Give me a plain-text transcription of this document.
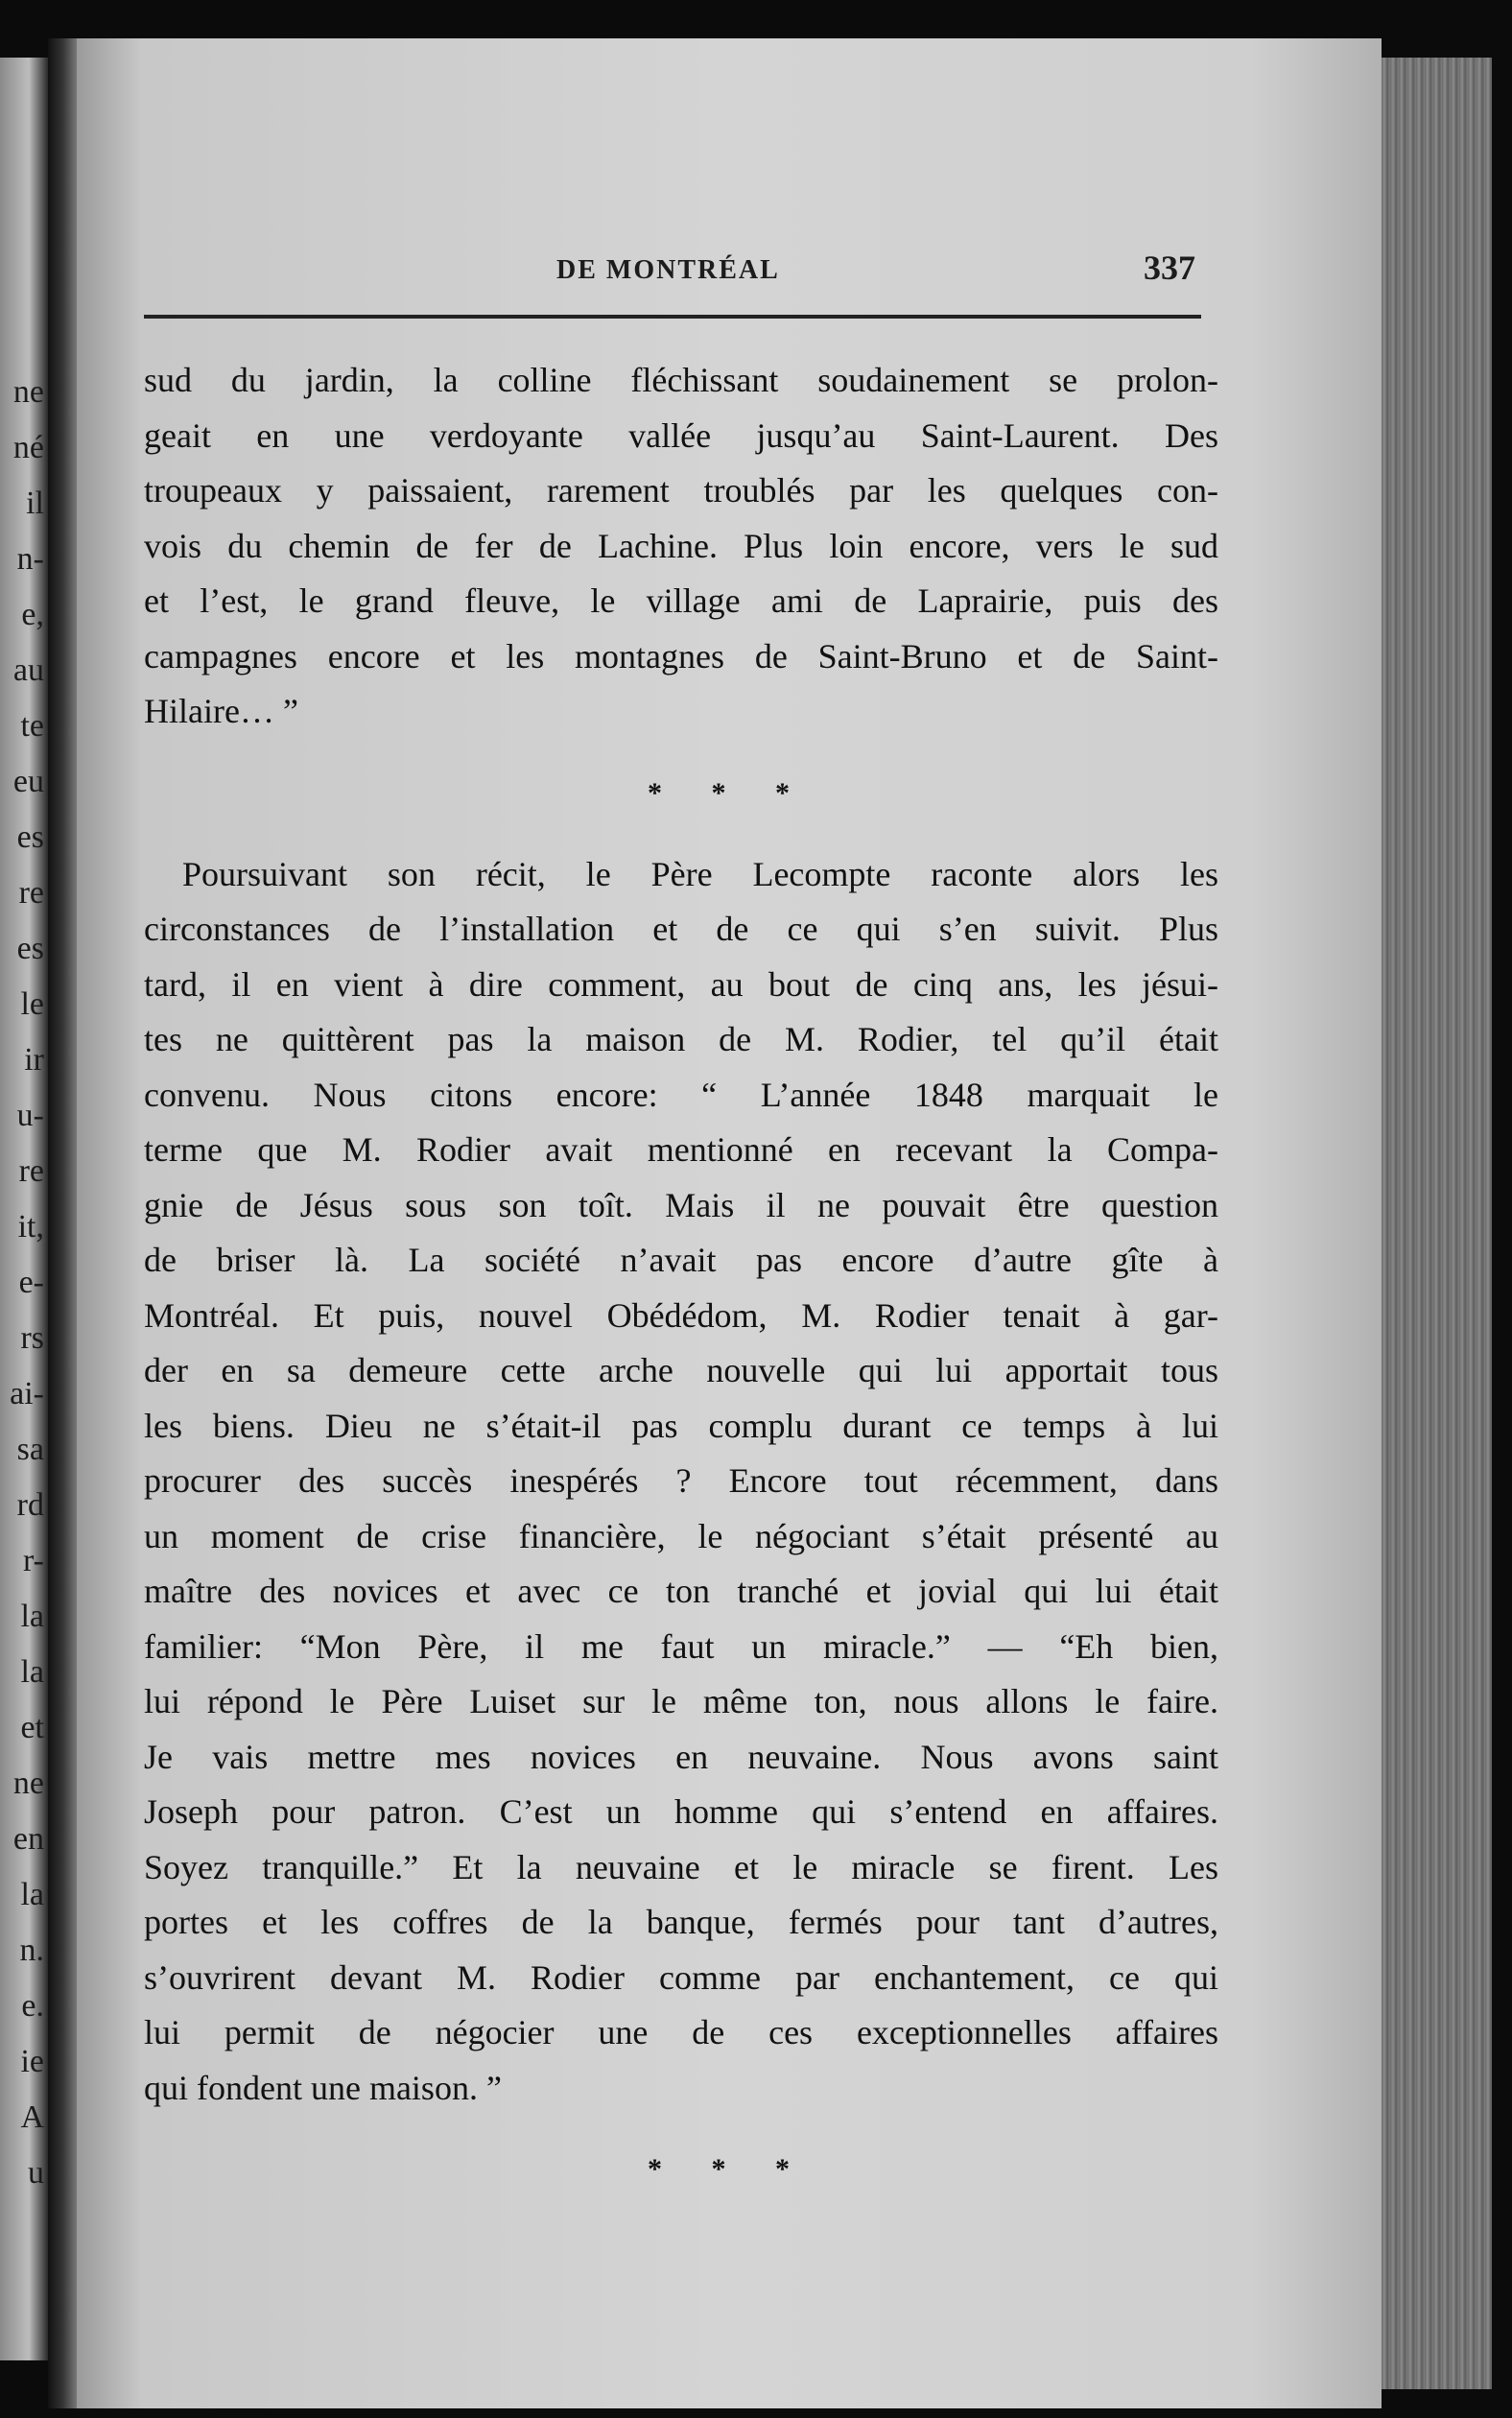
ne
né
il
n-
e,
au
te
eu
es
re
es
le
ir
u-
re
it,
e-
rs
ai-
sa
rd
r-
la
la
et
ne
en
la
n.
e.
ie
A
u
DE MONTRÉAL	337
sud du jardin, la colline fléchissant soudainement se prolon-
geait en une verdoyante vallée jusqu’au Saint-Laurent. Des
troupeaux y paissaient, rarement troublés par les quelques con-
vois du chemin de fer de Lachine. Plus loin encore, vers le sud
et l’est, le grand fleuve, le village ami de Laprairie, puis des
campagnes encore et les montagnes de Saint-Bruno et de Saint-
Hilaire… ”
* * *
Poursuivant son récit, le Père Lecompte raconte alors les
circonstances de l’installation et de ce qui s’en suivit. Plus
tard, il en vient à dire comment, au bout de cinq ans, les jésui-
tes ne quittèrent pas la maison de M. Rodier, tel qu’il était
convenu. Nous citons encore: “ L’année 1848 marquait le
terme que M. Rodier avait mentionné en recevant la Compa-
gnie de Jésus sous son toît. Mais il ne pouvait être question
de briser là. La société n’avait pas encore d’autre gîte à
Montréal. Et puis, nouvel Obédédom, M. Rodier tenait à gar-
der en sa demeure cette arche nouvelle qui lui apportait tous
les biens. Dieu ne s’était-il pas complu durant ce temps à lui
procurer des succès inespérés ? Encore tout récemment, dans
un moment de crise financière, le négociant s’était présenté au
maître des novices et avec ce ton tranché et jovial qui lui était
familier: “Mon Père, il me faut un miracle.” — “Eh bien,
lui répond le Père Luiset sur le même ton, nous allons le faire.
Je vais mettre mes novices en neuvaine. Nous avons saint
Joseph pour patron. C’est un homme qui s’entend en affaires.
Soyez tranquille.” Et la neuvaine et le miracle se firent. Les
portes et les coffres de la banque, fermés pour tant d’autres,
s’ouvrirent devant M. Rodier comme par enchantement, ce qui
lui permit de négocier une de ces exceptionnelles affaires
qui fondent une maison. ”
* * *
